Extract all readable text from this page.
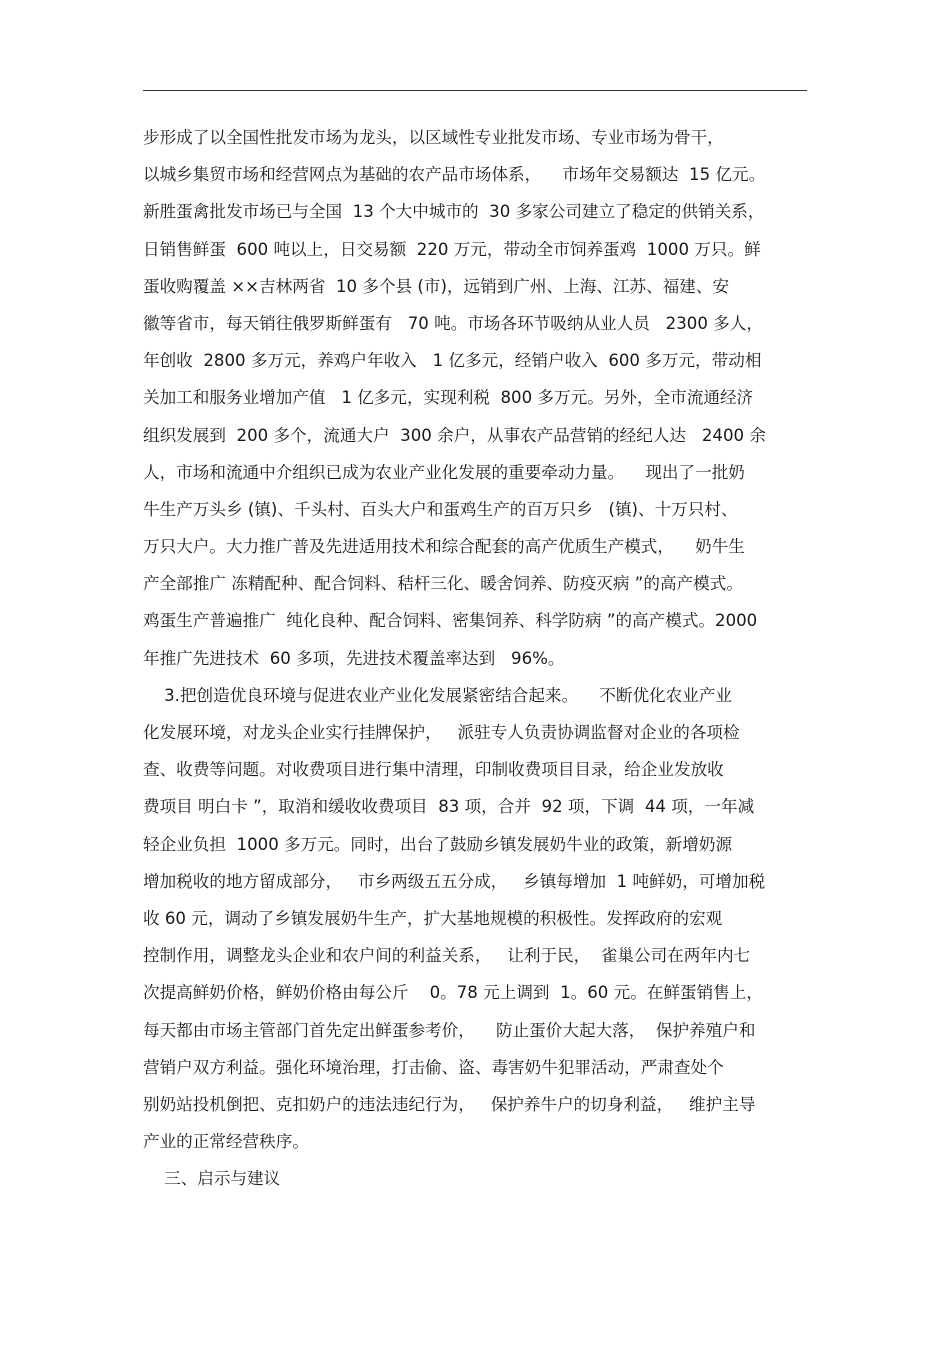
步形成了以全国性批发市场为龙头，以区域性专业批发市场、专业市场为骨干，
以城乡集贸市场和经营网点为基础的农产品市场体系，    市场年交易额达  15 亿元。
新胜蛋禽批发市场已与全国  13 个大中城市的  30 多家公司建立了稳定的供销关系，
日销售鲜蛋  600 吨以上，日交易额  220 万元，带动全市饲养蛋鸡  1000 万只。鲜
蛋收购覆盖 ××吉林两省  10 多个县 (市)，远销到广州、上海、江苏、福建、安
徽等省市，每天销往俄罗斯鲜蛋有   70 吨。市场各环节吸纳从业人员   2300 多人，
年创收  2800 多万元，养鸡户年收入   1 亿多元，经销户收入  600 多万元，带动相
关加工和服务业增加产值   1 亿多元，实现利税  800 多万元。另外，全市流通经济
组织发展到  200 多个，流通大户  300 余户，从事农产品营销的经纪人达   2400 余
人，市场和流通中介组织已成为农业产业化发展的重要牵动力量。    现出了一批奶
牛生产万头乡 (镇)、千头村、百头大户和蛋鸡生产的百万只乡   (镇)、十万只村、
万只大户。大力推广普及先进适用技术和综合配套的高产优质生产模式，    奶牛生
产全部推广 冻精配种、配合饲料、秸杆三化、暖舍饲养、防疫灭病 ”的高产模式。
鸡蛋生产普遍推广  纯化良种、配合饲料、密集饲养、科学防病 ”的高产模式。2000
年推广先进技术  60 多项，先进技术覆盖率达到   96%。
3.把创造优良环境与促进农业产业化发展紧密结合起来。    不断优化农业产业
化发展环境，对龙头企业实行挂牌保护，   派驻专人负责协调监督对企业的各项检
查、收费等问题。对收费项目进行集中清理，印制收费项目目录，给企业发放收
费项目 明白卡 ”，取消和缓收收费项目  83 项，合并  92 项，下调  44 项，一年减
轻企业负担  1000 多万元。同时，出台了鼓励乡镇发展奶牛业的政策，新增奶源
增加税收的地方留成部分，   市乡两级五五分成，   乡镇每增加  1 吨鲜奶，可增加税
收 60 元，调动了乡镇发展奶牛生产，扩大基地规模的积极性。发挥政府的宏观
控制作用，调整龙头企业和农户间的利益关系，   让利于民，  雀巢公司在两年内七
次提高鲜奶价格，鲜奶价格由每公斤    0。78 元上调到  1。60 元。在鲜蛋销售上，
每天都由市场主管部门首先定出鲜蛋参考价，    防止蛋价大起大落，  保护养殖户和
营销户双方利益。强化环境治理，打击偷、盗、毒害奶牛犯罪活动，严肃查处个
别奶站投机倒把、克扣奶户的违法违纪行为，   保护养牛户的切身利益，   维护主导
产业的正常经营秩序。
三、启示与建议
